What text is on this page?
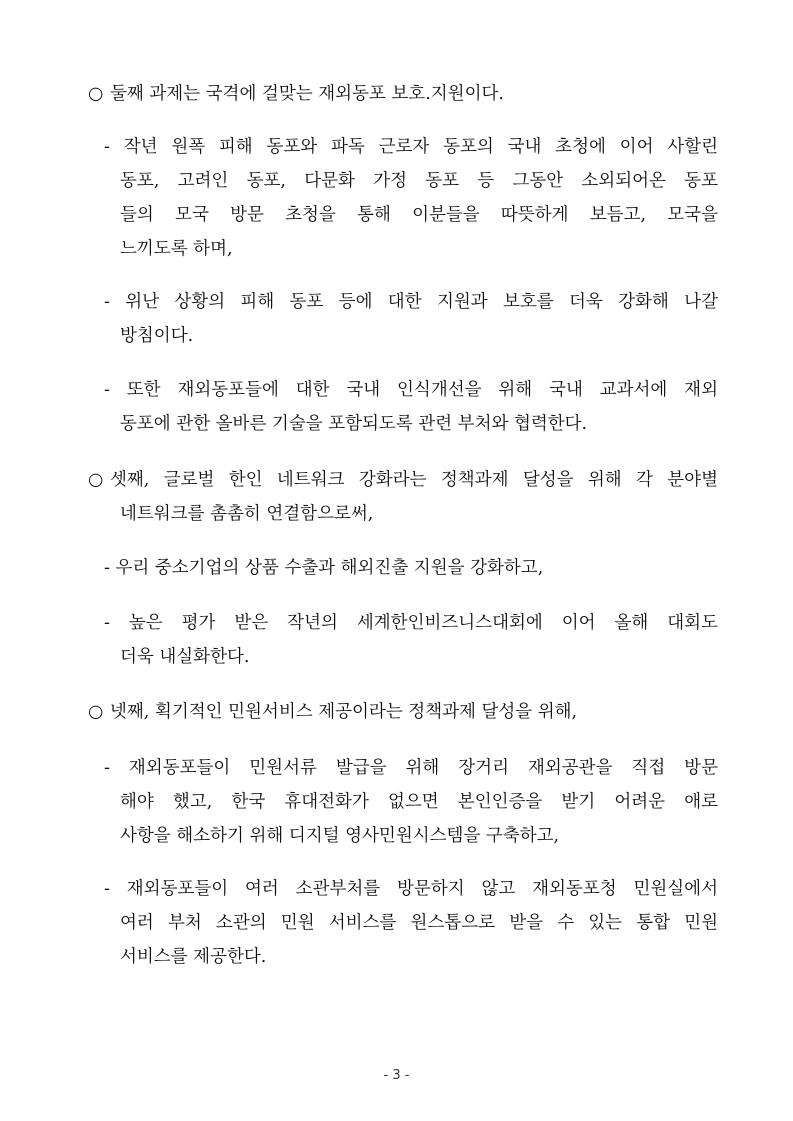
○ 둘째 과제는 국격에 걸맞는 재외동포 보호.지원이다.
- 작년 원폭 피해 동포와 파독 근로자 동포의 국내 초청에 이어 사할린
동포, 고려인 동포, 다문화 가정 동포 등 그동안 소외되어온 동포
들의 모국 방문 초청을 통해 이분들을 따뜻하게 보듬고, 모국을
느끼도록 하며,
- 위난 상황의 피해 동포 등에 대한 지원과 보호를 더욱 강화해 나갈
방침이다.
- 또한 재외동포들에 대한 국내 인식개선을 위해 국내 교과서에 재외
동포에 관한 올바른 기술을 포함되도록 관련 부처와 협력한다.
○ 셋째, 글로벌 한인 네트워크 강화라는 정책과제 달성을 위해 각 분야별
네트워크를 촘촘히 연결함으로써,
- 우리 중소기업의 상품 수출과 해외진출 지원을 강화하고,
- 높은 평가 받은 작년의 세계한인비즈니스대회에 이어 올해 대회도
더욱 내실화한다.
○ 넷째, 획기적인 민원서비스 제공이라는 정책과제 달성을 위해,
- 재외동포들이 민원서류 발급을 위해 장거리 재외공관을 직접 방문
해야 했고, 한국 휴대전화가 없으면 본인인증을 받기 어려운 애로
사항을 해소하기 위해 디지털 영사민원시스템을 구축하고,
- 재외동포들이 여러 소관부처를 방문하지 않고 재외동포청 민원실에서
여러 부처 소관의 민원 서비스를 원스톱으로 받을 수 있는 통합 민원
서비스를 제공한다.
- 3 -
